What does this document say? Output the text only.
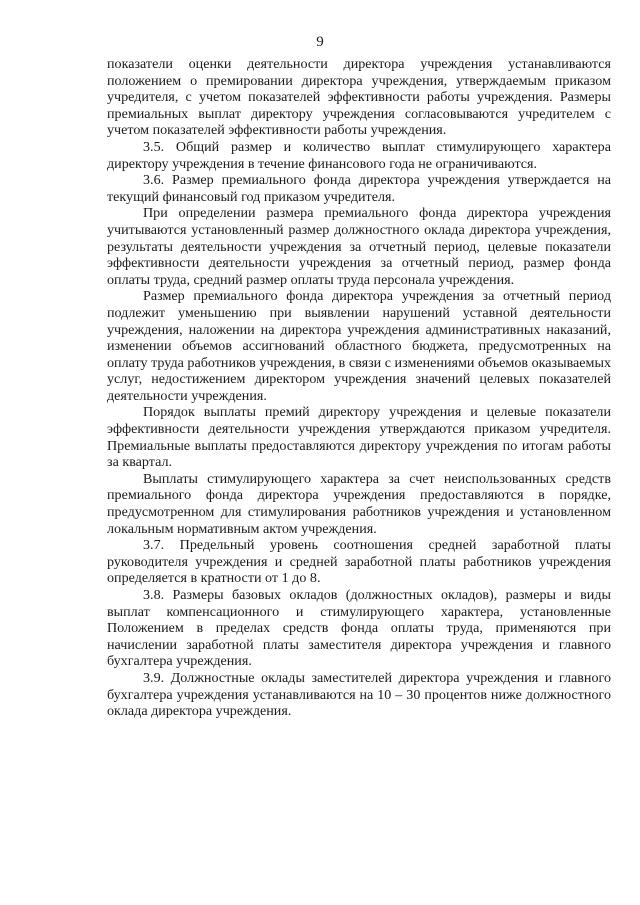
9

показатели оценки деятельности директора учреждения устанавливаются положением о премировании директора учреждения, утверждаемым приказом учредителя, с учетом показателей эффективности работы учреждения. Размеры премиальных выплат директору учреждения согласовываются учредителем с учетом показателей эффективности работы учреждения.

3.5. Общий размер и количество выплат стимулирующего характера директору учреждения в течение финансового года не ограничиваются.

3.6. Размер премиального фонда директора учреждения утверждается на текущий финансовый год приказом учредителя.

При определении размера премиального фонда директора учреждения учитываются установленный размер должностного оклада директора учреждения, результаты деятельности учреждения за отчетный период, целевые показатели эффективности деятельности учреждения за отчетный период, размер фонда оплаты труда, средний размер оплаты труда персонала учреждения.

Размер премиального фонда директора учреждения за отчетный период подлежит уменьшению при выявлении нарушений уставной деятельности учреждения, наложении на директора учреждения административных наказаний, изменении объемов ассигнований областного бюджета, предусмотренных на оплату труда работников учреждения, в связи с изменениями объемов оказываемых услуг, недостижением директором учреждения значений целевых показателей деятельности учреждения.

Порядок выплаты премий директору учреждения и целевые показатели эффективности деятельности учреждения утверждаются приказом учредителя. Премиальные выплаты предоставляются директору учреждения по итогам работы за квартал.

Выплаты стимулирующего характера за счет неиспользованных средств премиального фонда директора учреждения предоставляются в порядке, предусмотренном для стимулирования работников учреждения и установленном локальным нормативным актом учреждения.

3.7. Предельный уровень соотношения средней заработной платы руководителя учреждения и средней заработной платы работников учреждения определяется в кратности от 1 до 8.

3.8. Размеры базовых окладов (должностных окладов), размеры и виды выплат компенсационного и стимулирующего характера, установленные Положением в пределах средств фонда оплаты труда, применяются при начислении заработной платы заместителя директора учреждения и главного бухгалтера учреждения.

3.9. Должностные оклады заместителей директора учреждения и главного бухгалтера учреждения устанавливаются на 10 – 30 процентов ниже должностного оклада директора учреждения.
